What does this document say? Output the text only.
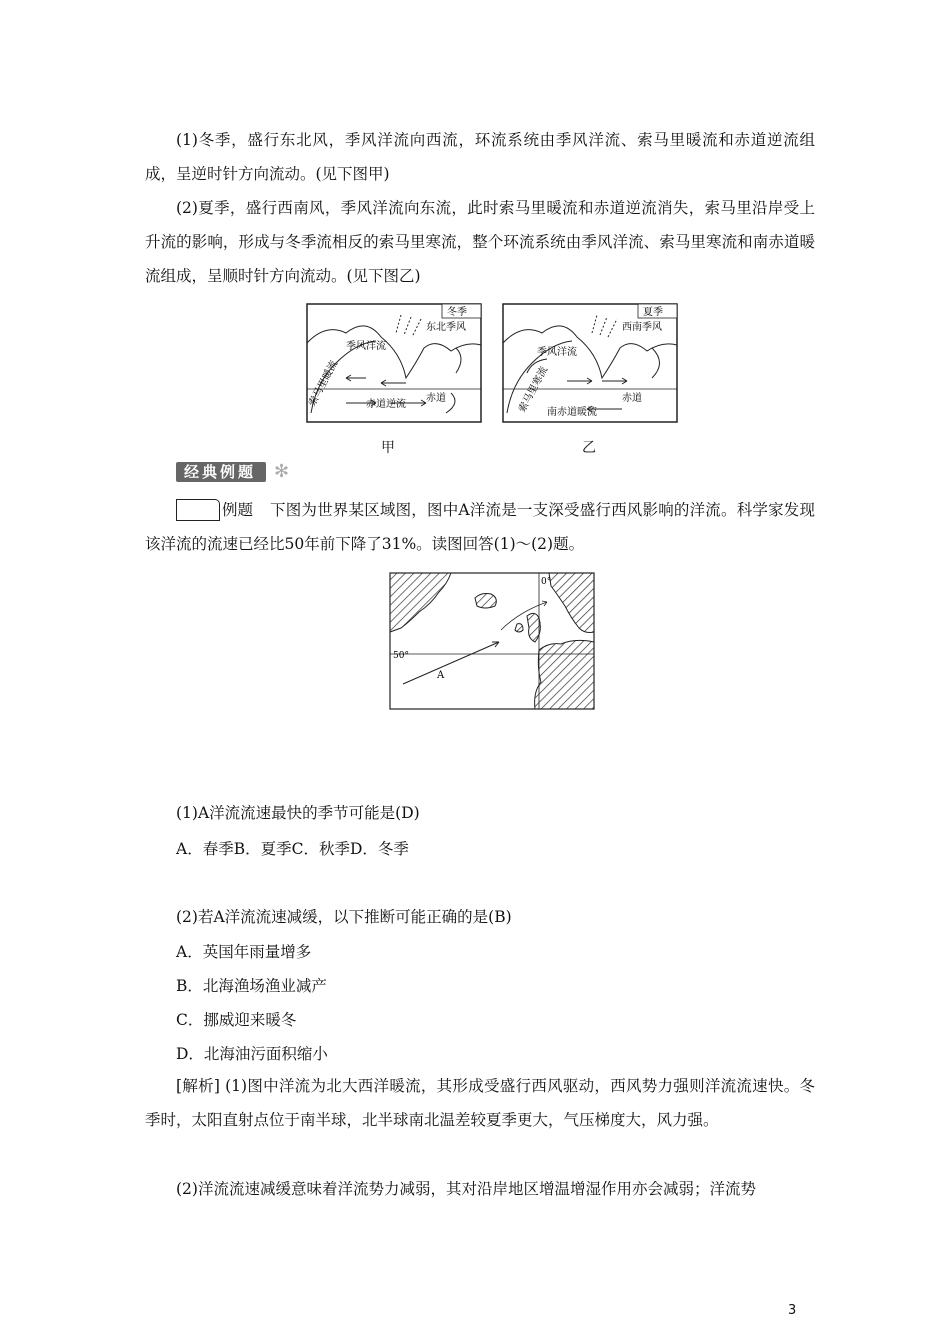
(1)冬季，盛行东北风，季风洋流向西流，环流系统由季风洋流、索马里暖流和赤道逆流组成，呈逆时针方向流动。(见下图甲)
(2)夏季，盛行西南风，季风洋流向东流，此时索马里暖流和赤道逆流消失，索马里沿岸受上升流的影响，形成与冬季流相反的索马里寒流，整个环流系统由季风洋流、索马里寒流和南赤道暖流组成，呈顺时针方向流动。(见下图乙)
冬季
东北季风
季风洋流
索马里暖流	赤道逆流
赤道
甲
夏季
西南季风
季风洋流
索马里寒流
南赤道暖流
赤道
乙
经典例题 ✻
例题	下图为世界某区域图，图中A洋流是一支深受盛行西风影响的洋流。科学家发现该洋流的流速已经比50年前下降了31%。读图回答(1)～(2)题。
0°
50°
A
(1)A洋流流速最快的季节可能是(D)
A．春季B．夏季C．秋季D．冬季
(2)若A洋流流速减缓，以下推断可能正确的是(B)
A．英国年雨量增多
B．北海渔场渔业减产
C．挪威迎来暖冬
D．北海油污面积缩小
[解析] (1)图中洋流为北大西洋暖流，其形成受盛行西风驱动，西风势力强则洋流流速快。冬季时，太阳直射点位于南半球，北半球南北温差较夏季更大，气压梯度大，风力强。
(2)洋流流速减缓意味着洋流势力减弱，其对沿岸地区增温增湿作用亦会减弱；洋流势
3
